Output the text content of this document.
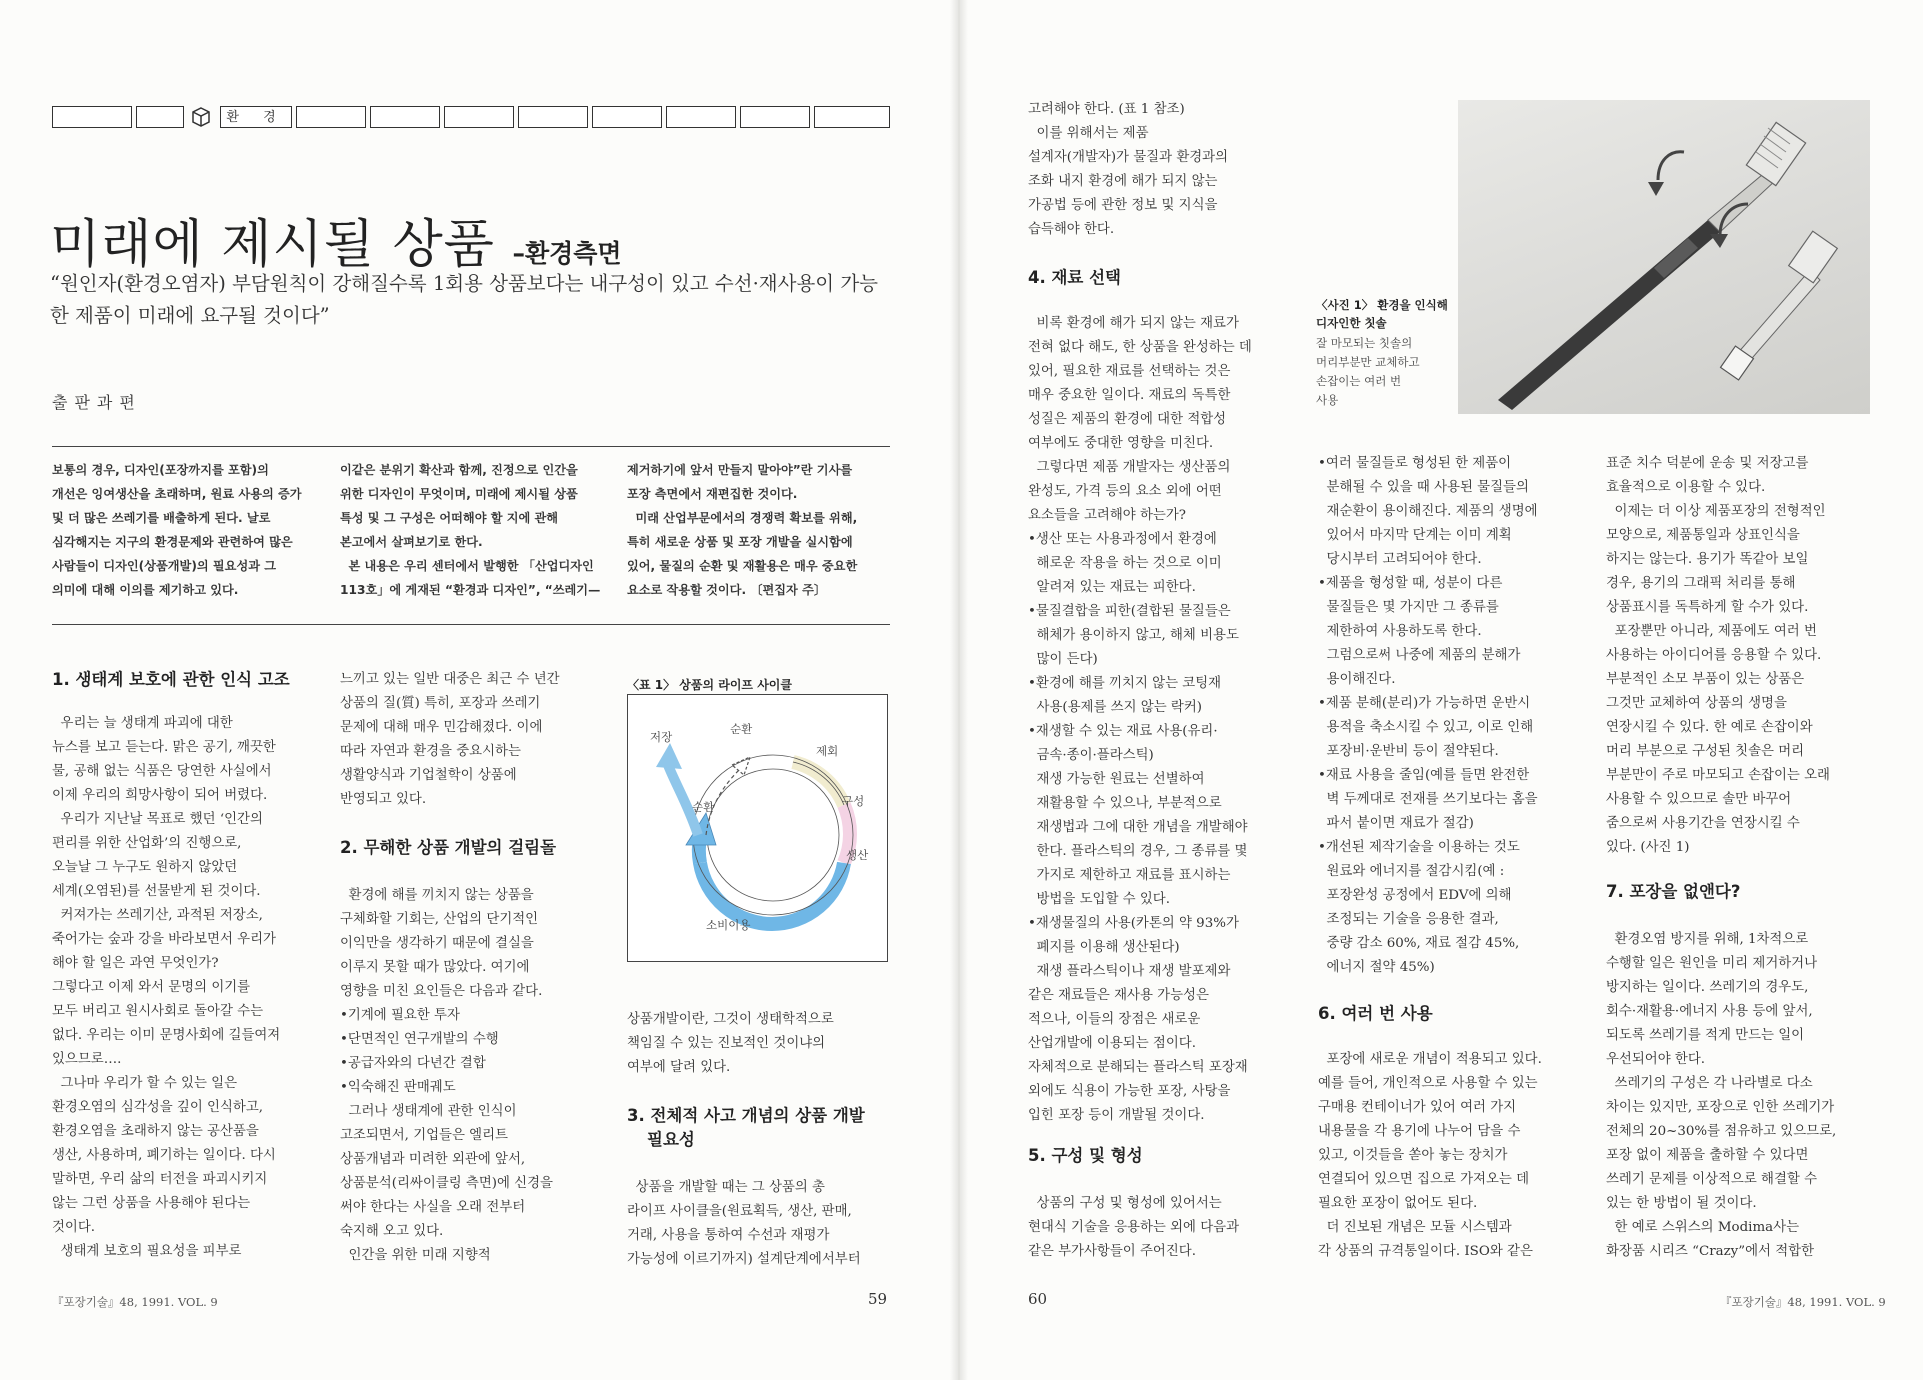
환 경
미래에 제시될 상품 –환경측면
“원인자(환경오염자) 부담원칙이 강해질수록 1회용 상품보다는 내구성이 있고 수선·재사용이 가능한 제품이 미래에 요구될 것이다”
출판과편
보통의 경우, 디자인(포장까지를 포함)의
개선은 잉여생산을 초래하며, 원료 사용의 증가
및 더 많은 쓰레기를 배출하게 된다. 날로
심각해지는 지구의 환경문제와 관련하여 많은
사람들이 디자인(상품개발)의 필요성과 그
의미에 대해 이의를 제기하고 있다.
이같은 분위기 확산과 함께, 진정으로 인간을
위한 디자인이 무엇이며, 미래에 제시될 상품
특성 및 그 구성은 어떠해야 할 지에 관해
본고에서 살펴보기로 한다.
본 내용은 우리 센터에서 발행한 「산업디자인
113호」에 게재된 “환경과 디자인”, “쓰레기—
제거하기에 앞서 만들지 말아야”란 기사를
포장 측면에서 재편집한 것이다.
미래 산업부문에서의 경쟁력 확보를 위해,
특히 새로운 상품 및 포장 개발을 실시함에
있어, 물질의 순환 및 재활용은 매우 중요한
요소로 작용할 것이다. 〔편집자 주〕
1. 생태계 보호에 관한 인식 고조
우리는 늘 생태계 파괴에 대한
뉴스를 보고 듣는다. 맑은 공기, 깨끗한
물, 공해 없는 식품은 당연한 사실에서
이제 우리의 희망사항이 되어 버렸다.
우리가 지난날 목표로 했던 ‘인간의
편리를 위한 산업화’의 진행으로,
오늘날 그 누구도 원하지 않았던
세계(오염된)를 선물받게 된 것이다.
커져가는 쓰레기산, 과적된 저장소,
죽어가는 숲과 강을 바라보면서 우리가
해야 할 일은 과연 무엇인가?
그렇다고 이제 와서 문명의 이기를
모두 버리고 원시사회로 돌아갈 수는
없다. 우리는 이미 문명사회에 길들여져
있으므로….
그나마 우리가 할 수 있는 일은
환경오염의 심각성을 깊이 인식하고,
환경오염을 초래하지 않는 공산품을
생산, 사용하며, 폐기하는 일이다. 다시
말하면, 우리 삶의 터전을 파괴시키지
않는 그런 상품을 사용해야 된다는
것이다.
생태계 보호의 필요성을 피부로
느끼고 있는 일반 대중은 최근 수 년간
상품의 질(質) 특히, 포장과 쓰레기
문제에 대해 매우 민감해졌다. 이에
따라 자연과 환경을 중요시하는
생활양식과 기업철학이 상품에
반영되고 있다.
2. 무해한 상품 개발의 걸림돌
환경에 해를 끼치지 않는 상품을
구체화할 기회는, 산업의 단기적인
이익만을 생각하기 때문에 결실을
이루지 못할 때가 많았다. 여기에
영향을 미친 요인들은 다음과 같다.
•기계에 필요한 투자
•단면적인 연구개발의 수행
•공급자와의 다년간 결합
•익숙해진 판매궤도
그러나 생태계에 관한 인식이
고조되면서, 기업들은 엘리트
상품개념과 미려한 외관에 앞서,
상품분석(리싸이클링 측면)에 신경을
써야 한다는 사실을 오래 전부터
숙지해 오고 있다.
인간을 위한 미래 지향적
〈표 1〉 상품의 라이프 사이클
저장
순환
제회
구성
생산
소비이용
순환
상품개발이란, 그것이 생태학적으로
책임질 수 있는 진보적인 것이냐의
여부에 달려 있다.
3. 전체적 사고 개념의 상품 개발
필요성
상품을 개발할 때는 그 상품의 총
라이프 사이클을(원료획득, 생산, 판매,
거래, 사용을 통하여 수선과 재평가
가능성에 이르기까지) 설계단계에서부터
고려해야 한다. (표 1 참조)
이를 위해서는 제품
설계자(개발자)가 물질과 환경과의
조화 내지 환경에 해가 되지 않는
가공법 등에 관한 정보 및 지식을
습득해야 한다.
4. 재료 선택
비록 환경에 해가 되지 않는 재료가
전혀 없다 해도, 한 상품을 완성하는 데
있어, 필요한 재료를 선택하는 것은
매우 중요한 일이다. 재료의 독특한
성질은 제품의 환경에 대한 적합성
여부에도 중대한 영향을 미친다.
그렇다면 제품 개발자는 생산품의
완성도, 가격 등의 요소 외에 어떤
요소들을 고려해야 하는가?
•생산 또는 사용과정에서 환경에
해로운 작용을 하는 것으로 이미
알려져 있는 재료는 피한다.
•물질결합을 피한(결합된 물질들은
해체가 용이하지 않고, 해체 비용도
많이 든다)
•환경에 해를 끼치지 않는 코팅재
사용(용제를 쓰지 않는 락커)
•재생할 수 있는 재료 사용(유리·
금속·종이·플라스틱)
재생 가능한 원료는 선별하여
재활용할 수 있으나, 부분적으로
재생법과 그에 대한 개념을 개발해야
한다. 플라스틱의 경우, 그 종류를 몇
가지로 제한하고 재료를 표시하는
방법을 도입할 수 있다.
•재생물질의 사용(카톤의 약 93%가
폐지를 이용해 생산된다)
재생 플라스틱이나 재생 발포제와
같은 재료들은 재사용 가능성은
적으나, 이들의 장점은 새로운
산업개발에 이용되는 점이다.
자체적으로 분해되는 플라스틱 포장재
외에도 식용이 가능한 포장, 사탕을
입힌 포장 등이 개발될 것이다.
5. 구성 및 형성
상품의 구성 및 형성에 있어서는
현대식 기술을 응용하는 외에 다음과
같은 부가사항들이 주어진다.
〈사진 1〉 환경을 인식해
디자인한 칫솔
잘 마모되는 칫솔의
머리부분만 교체하고
손잡이는 여러 번
사용
•여러 물질들로 형성된 한 제품이
분해될 수 있을 때 사용된 물질들의
재순환이 용이해진다. 제품의 생명에
있어서 마지막 단계는 이미 계획
당시부터 고려되어야 한다.
•제품을 형성할 때, 성분이 다른
물질들은 몇 가지만 그 종류를
제한하여 사용하도록 한다.
그럼으로써 나중에 제품의 분해가
용이해진다.
•제품 분해(분리)가 가능하면 운반시
용적을 축소시킬 수 있고, 이로 인해
포장비·운반비 등이 절약된다.
•재료 사용을 줄임(예를 들면 완전한
벽 두께대로 전재를 쓰기보다는 홈을
파서 붙이면 재료가 절감)
•개선된 제작기술을 이용하는 것도
원료와 에너지를 절감시킴(예 :
포장완성 공정에서 EDV에 의해
조정되는 기술을 응용한 결과,
중량 감소 60%, 재료 절감 45%,
에너지 절약 45%)
6. 여러 번 사용
포장에 새로운 개념이 적용되고 있다.
예를 들어, 개인적으로 사용할 수 있는
구매용 컨테이너가 있어 여러 가지
내용물을 각 용기에 나누어 담을 수
있고, 이것들을 쏟아 놓는 장치가
연결되어 있으면 집으로 가져오는 데
필요한 포장이 없어도 된다.
더 진보된 개념은 모듈 시스템과
각 상품의 규격통일이다. ISO와 같은
표준 치수 덕분에 운송 및 저장고를
효율적으로 이용할 수 있다.
이제는 더 이상 제품포장의 전형적인
모양으로, 제품통일과 상표인식을
하지는 않는다. 용기가 똑같아 보일
경우, 용기의 그래픽 처리를 통해
상품표시를 독특하게 할 수가 있다.
포장뿐만 아니라, 제품에도 여러 번
사용하는 아이디어를 응용할 수 있다.
부분적인 소모 부품이 있는 상품은
그것만 교체하여 상품의 생명을
연장시킬 수 있다. 한 예로 손잡이와
머리 부분으로 구성된 칫솔은 머리
부분만이 주로 마모되고 손잡이는 오래
사용할 수 있으므로 솔만 바꾸어
줌으로써 사용기간을 연장시킬 수
있다. (사진 1)
7. 포장을 없앤다?
환경오염 방지를 위해, 1차적으로
수행할 일은 원인을 미리 제거하거나
방지하는 일이다. 쓰레기의 경우도,
회수·재활용·에너지 사용 등에 앞서,
되도록 쓰레기를 적게 만드는 일이
우선되어야 한다.
쓰레기의 구성은 각 나라별로 다소
차이는 있지만, 포장으로 인한 쓰레기가
전체의 20~30%를 점유하고 있으므로,
포장 없이 제품을 출하할 수 있다면
쓰레기 문제를 이상적으로 해결할 수
있는 한 방법이 될 것이다.
한 예로 스위스의 Modima사는
화장품 시리즈 “Crazy”에서 적합한
『포장기술』48, 1991. VOL. 9	59	60	『포장기술』48, 1991. VOL. 9
